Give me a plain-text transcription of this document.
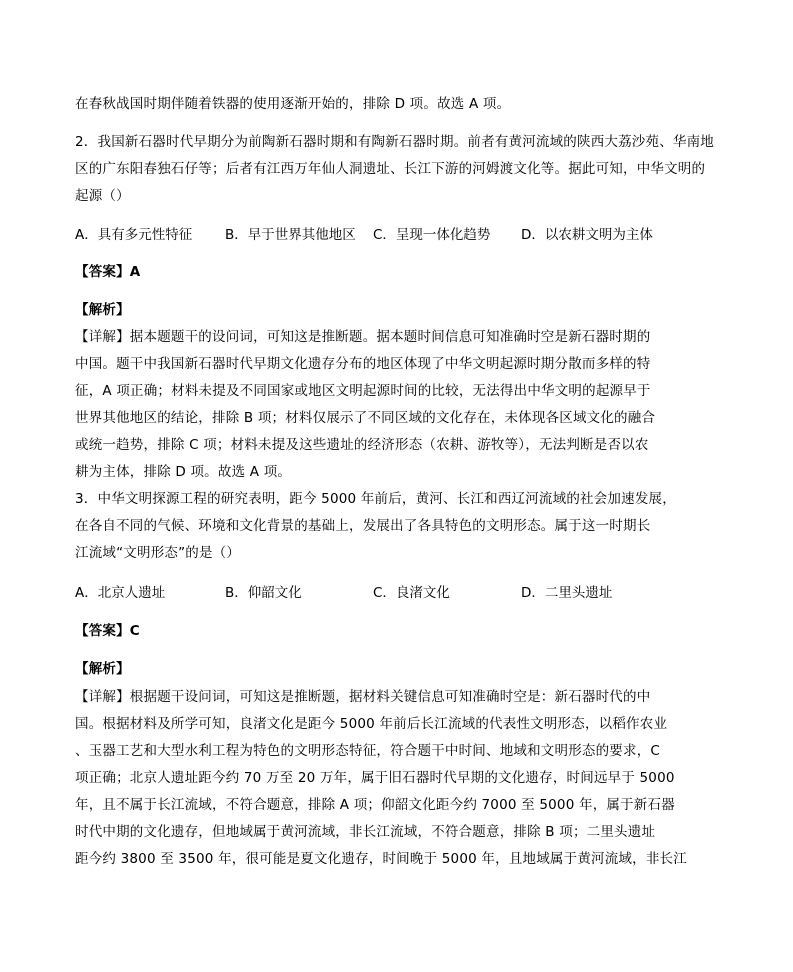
在春秋战国时期伴随着铁器的使用逐渐开始的，排除 D 项。故选 A 项。
2．我国新石器时代早期分为前陶新石器时期和有陶新石器时期。前者有黄河流域的陕西大荔沙苑、华南地
区的广东阳春独石仔等；后者有江西万年仙人洞遗址、长江下游的河姆渡文化等。据此可知，中华文明的
起源（）
A．具有多元性特征 B．早于世界其他地区 C．呈现一体化趋势 D．以农耕文明为主体
【答案】A
【解析】
【详解】据本题题干的设问词，可知这是推断题。据本题时间信息可知准确时空是新石器时期的
中国。题干中我国新石器时代早期文化遗存分布的地区体现了中华文明起源时期分散而多样的特
征，A 项正确；材料未提及不同国家或地区文明起源时间的比较，无法得出中华文明的起源早于
世界其他地区的结论，排除 B 项；材料仅展示了不同区域的文化存在，未体现各区域文化的融合
或统一趋势，排除 C 项；材料未提及这些遗址的经济形态（农耕、游牧等），无法判断是否以农
耕为主体，排除 D 项。故选 A 项。
3．中华文明探源工程的研究表明，距今 5000 年前后，黄河、长江和西辽河流域的社会加速发展，
在各自不同的气候、环境和文化背景的基础上，发展出了各具特色的文明形态。属于这一时期长
江流域“文明形态”的是（）
A．北京人遗址	B．仰韶文化	C．良渚文化	D．二里头遗址
【答案】C
【解析】
【详解】根据题干设问词，可知这是推断题，据材料关键信息可知准确时空是：新石器时代的中
国。根据材料及所学可知，良渚文化是距今 5000 年前后长江流域的代表性文明形态，以稻作农业
、玉器工艺和大型水利工程为特色的文明形态特征，符合题干中时间、地域和文明形态的要求，C
项正确；北京人遗址距今约 70 万至 20 万年，属于旧石器时代早期的文化遗存，时间远早于 5000
年，且不属于长江流域，不符合题意，排除 A 项；仰韶文化距今约 7000 至 5000 年，属于新石器
时代中期的文化遗存，但地域属于黄河流域，非长江流域，不符合题意，排除 B 项；二里头遗址
距今约 3800 至 3500 年，很可能是夏文化遗存，时间晚于 5000 年，且地域属于黄河流域，非长江
